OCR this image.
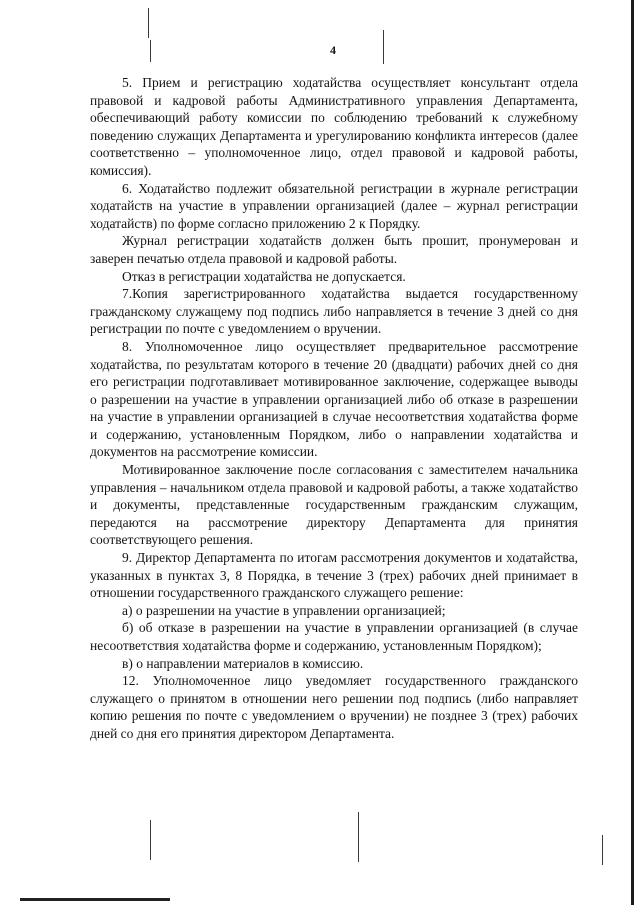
4

5. Прием и регистрацию ходатайства осуществляет консультант отдела правовой и кадровой работы Административного управления Департамента, обеспечивающий работу комиссии по соблюдению требований к служебному поведению служащих Департамента и урегулированию конфликта интересов (далее соответственно – уполномоченное лицо, отдел правовой и кадровой работы, комиссия).

6. Ходатайство подлежит обязательной регистрации в журнале регистрации ходатайств на участие в управлении организацией (далее – журнал регистрации ходатайств) по форме согласно приложению 2 к Порядку.

Журнал регистрации ходатайств должен быть прошит, пронумерован и заверен печатью отдела правовой и кадровой работы.

Отказ в регистрации ходатайства не допускается.

7.Копия зарегистрированного ходатайства выдается государственному гражданскому служащему под подпись либо направляется в течение 3 дней со дня регистрации по почте с уведомлением о вручении.

8. Уполномоченное лицо осуществляет предварительное рассмотрение ходатайства, по результатам которого в течение 20 (двадцати) рабочих дней со дня его регистрации подготавливает мотивированное заключение, содержащее выводы о разрешении на участие в управлении организацией либо об отказе в разрешении на участие в управлении организацией в случае несоответствия ходатайства форме и содержанию, установленным Порядком, либо о направлении ходатайства и документов на рассмотрение комиссии.

Мотивированное заключение после согласования с заместителем начальника управления – начальником отдела правовой и кадровой работы, а также ходатайство и документы, представленные государственным гражданским служащим, передаются на рассмотрение директору Департамента для принятия соответствующего решения.

9. Директор Департамента по итогам рассмотрения документов и ходатайства, указанных в пунктах 3, 8 Порядка, в течение 3 (трех) рабочих дней принимает в отношении государственного гражданского служащего решение:

а) о разрешении на участие в управлении организацией;

б) об отказе в разрешении на участие в управлении организацией (в случае несоответствия ходатайства форме и содержанию, установленным Порядком);

в) о направлении материалов в комиссию.

12. Уполномоченное лицо уведомляет государственного гражданского служащего о принятом в отношении него решении под подпись (либо направляет копию решения по почте с уведомлением о вручении) не позднее 3 (трех) рабочих дней со дня его принятия директором Департамента.
